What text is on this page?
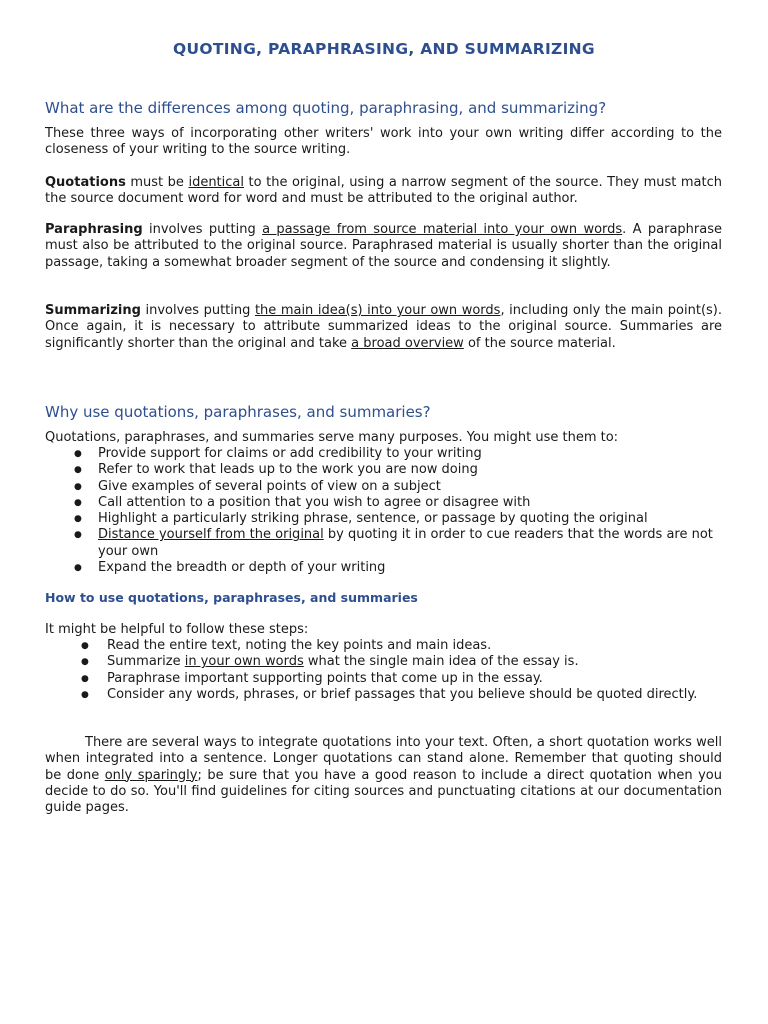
QUOTING, PARAPHRASING, AND SUMMARIZING
What are the differences among quoting, paraphrasing, and summarizing?

These three ways of incorporating other writers' work into your own writing differ according to the closeness of your writing to the source writing.

Quotations must be identical to the original, using a narrow segment of the source. They must match the source document word for word and must be attributed to the original author.

Paraphrasing involves putting a passage from source material into your own words. A paraphrase must also be attributed to the original source. Paraphrased material is usually shorter than the original passage, taking a somewhat broader segment of the source and condensing it slightly.

Summarizing involves putting the main idea(s) into your own words, including only the main point(s). Once again, it is necessary to attribute summarized ideas to the original source. Summaries are significantly shorter than the original and take a broad overview of the source material.

Why use quotations, paraphrases, and summaries?

Quotations, paraphrases, and summaries serve many purposes. You might use them to:

● Provide support for claims or add credibility to your writing
● Refer to work that leads up to the work you are now doing
● Give examples of several points of view on a subject
● Call attention to a position that you wish to agree or disagree with
● Highlight a particularly striking phrase, sentence, or passage by quoting the original
● Distance yourself from the original by quoting it in order to cue readers that the words are not your own
● Expand the breadth or depth of your writing
How to use quotations, paraphrases, and summaries

It might be helpful to follow these steps:

● Read the entire text, noting the key points and main ideas.
● Summarize in your own words what the single main idea of the essay is.
● Paraphrase important supporting points that come up in the essay.
● Consider any words, phrases, or brief passages that you believe should be quoted directly.

There are several ways to integrate quotations into your text. Often, a short quotation works well when integrated into a sentence. Longer quotations can stand alone. Remember that quoting should be done only sparingly; be sure that you have a good reason to include a direct quotation when you decide to do so. You'll find guidelines for citing sources and punctuating citations at our documentation guide pages.
